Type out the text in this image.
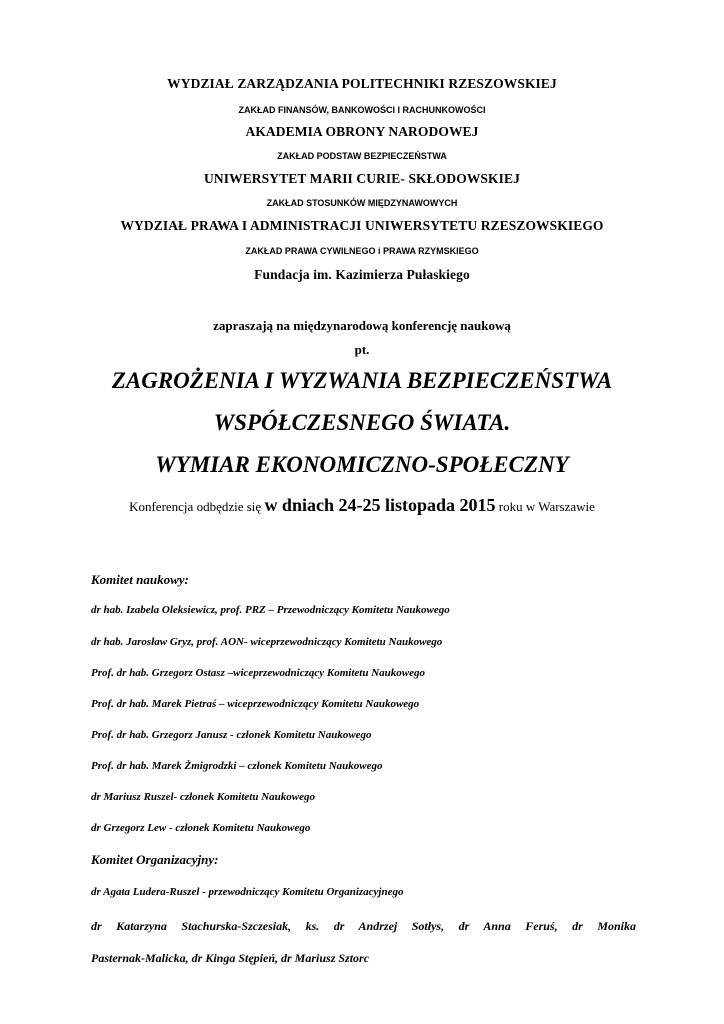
WYDZIAŁ ZARZĄDZANIA POLITECHNIKI RZESZOWSKIEJ
ZAKŁAD FINANSÓW, BANKOWOŚCI I RACHUNKOWOŚCI
AKADEMIA OBRONY NARODOWEJ
ZAKŁAD PODSTAW BEZPIECZEŃSTWA
UNIWERSYTET MARII CURIE- SKŁODOWSKIEJ
ZAKŁAD STOSUNKÓW MIĘDZYNAWOWYCH
WYDZIAŁ PRAWA I ADMINISTRACJI UNIWERSYTETU RZESZOWSKIEGO
ZAKŁAD PRAWA CYWILNEGO i PRAWA RZYMSKIEGO
Fundacja im. Kazimierza Pułaskiego
zapraszają na międzynarodową konferencję naukową
pt.
ZAGROŻENIA I WYZWANIA BEZPIECZEŃSTWA
WSPÓŁCZESNEGO ŚWIATA.
WYMIAR EKONOMICZNO-SPOŁECZNY
Konferencja odbędzie się w dniach 24-25 listopada 2015 roku w Warszawie
Komitet naukowy:
dr hab. Izabela Oleksiewicz, prof. PRZ – Przewodniczący Komitetu Naukowego
dr hab. Jarosław Gryz, prof. AON- wiceprzewodniczący Komitetu Naukowego
Prof. dr hab. Grzegorz Ostasz –wiceprzewodniczący Komitetu Naukowego
Prof. dr hab. Marek Pietraś – wiceprzewodniczący Komitetu Naukowego
Prof. dr hab. Grzegorz Janusz - członek Komitetu Naukowego
Prof. dr hab. Marek Żmigrodzki – członek Komitetu Naukowego
dr Mariusz Ruszel- członek Komitetu Naukowego
dr Grzegorz Lew - członek Komitetu Naukowego
Komitet Organizacyjny:
dr Agata Ludera-Ruszel - przewodniczący Komitetu Organizacyjnego
dr Katarzyna Stachurska-Szczesiak, ks. dr Andrzej Sotłys, dr Anna Feruś, dr Monika
Pasternak-Malicka, dr Kinga Stępień, dr Mariusz Sztorc
